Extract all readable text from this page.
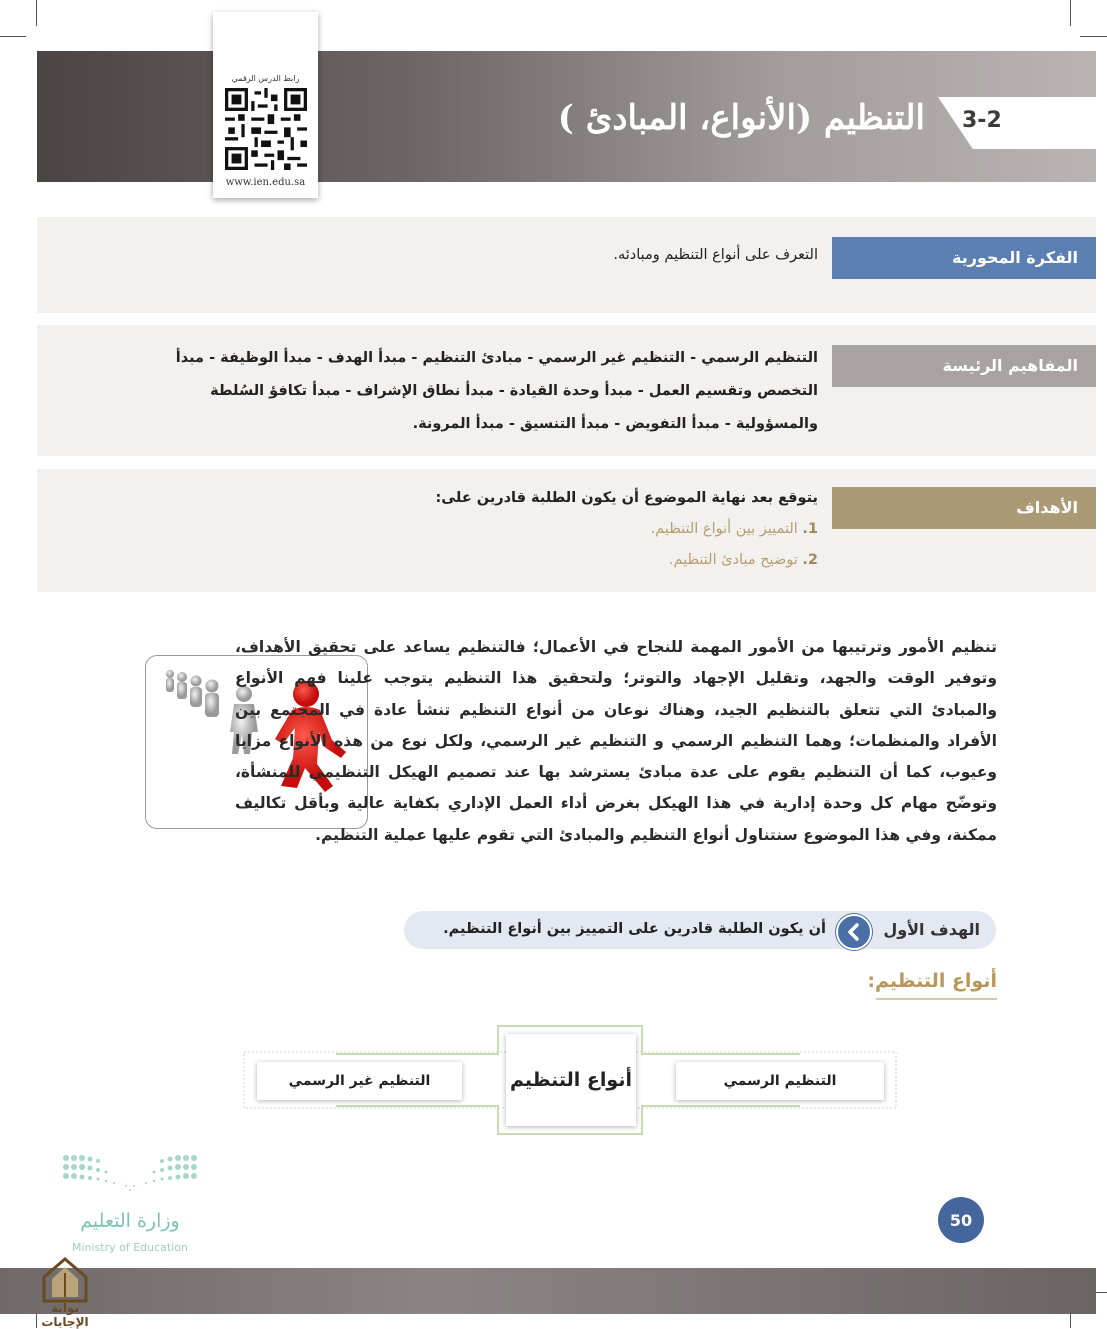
3-2
التنظيم (الأنواع، المبادئ )
رابط الدرس الرقمي
www.ien.edu.sa
الفكرة المحورية
التعرف على أنواع التنظيم ومبادئه.
المفاهيم الرئيسة
التنظيم الرسمي - التنظيم غير الرسمي - مبادئ التنظيم - مبدأ الهدف - مبدأ الوظيفة - مبدأ
التخصص وتقسيم العمل - مبدأ وحدة القيادة - مبدأ نطاق الإشراف - مبدأ تكافؤ السُلطة
والمسؤولية - مبدأ التفويض - مبدأ التنسيق - مبدأ المرونة.
الأهداف
يتوقع بعد نهاية الموضوع أن يكون الطلبة قادرين على:
1. التمييز بين أنواع التنظيم.
2. توضيح مبادئ التنظيم.
تنظيم الأمور وترتيبها من الأمور المهمة للنجاح في الأعمال؛ فالتنظيم يساعد على تحقيق الأهداف، وتوفير الوقت والجهد، وتقليل الإجهاد والتوتر؛ ولتحقيق هذا التنظيم يتوجب علينا فهم الأنواع والمبادئ التي تتعلق بالتنظيم الجيد، وهناك نوعان من أنواع التنظيم تنشأ عادة في المجتمع بين الأفراد والمنظمات؛ وهما التنظيم الرسمي و التنظيم غير الرسمي، ولكل نوع من هذه الأنواع مزايا وعيوب، كما أن التنظيم يقوم على عدة مبادئ يسترشد بها عند تصميم الهيكل التنظيمي للمنشأة، وتوضّح مهام كل وحدة إدارية في هذا الهيكل بغرض أداء العمل الإداري بكفاية عالية وبأقل تكاليف ممكنة، وفي هذا الموضوع سنتناول أنواع التنظيم والمبادئ التي تقوم عليها عملية التنظيم.
الهدف الأول
أن يكون الطلبة قادرين على التمييز بين أنواع التنظيم.
أنواع التنظيم:
التنظيم غير الرسمي	أنواع التنظيم	التنظيم الرسمي
وزارة التعليم
Ministry of Education
50
بوابة الإجابات
